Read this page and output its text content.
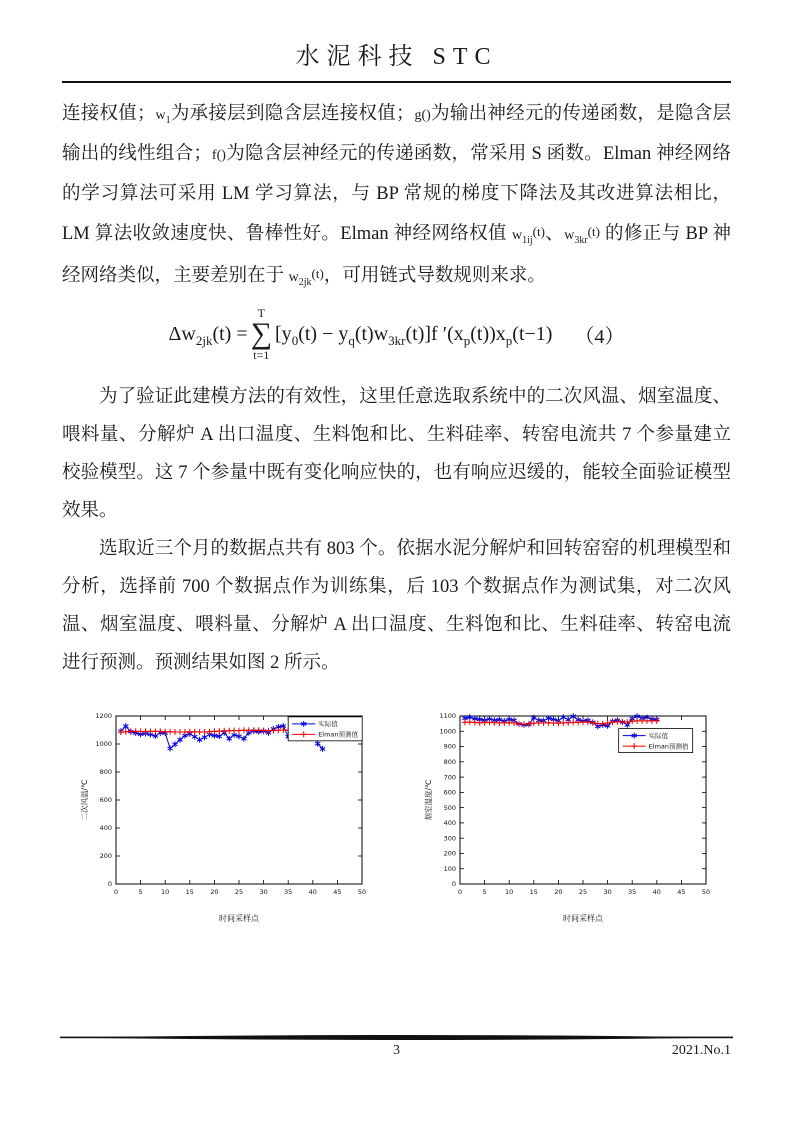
水泥科技 STC

连接权值；$w_1$为承接层到隐含层连接权值；g()为输出神经元的传递函数，是隐含层输出的线性组合；f()为隐含层神经元的传递函数，常采用 S 函数。Elman 神经网络的学习算法可采用 LM 学习算法，与 BP 常规的梯度下降法及其改进算法相比，LM 算法收敛速度快、鲁棒性好。Elman 神经网络权值 $w_{1ij}(t)$、$w_{3kr}(t)$ 的修正与 BP 神经网络类似，主要差别在于 $w_{2jk}(t)$，可用链式导数规则来求。

$\Delta w_{2jk}(t)$ =
T
∑
t=1
$[y_0(t) - y_q(t)w_{3kr}(t)]f$ $'(x_p(t))x_p(t-1)$ （4）

为了验证此建模方法的有效性，这里任意选取系统中的二次风温、烟室温度、喂料量、分解炉 A 出口温度、生料饱和比、生料硅率、转窑电流共 7 个参量建立校验模型。这 7 个参量中既有变化响应快的，也有响应迟缓的，能较全面验证模型效果。

选取近三个月的数据点共有 803 个。依据水泥分解炉和回转窑窑的机理模型和分析，选择前 700 个数据点作为训练集，后 103 个数据点作为测试集，对二次风温、烟室温度、喂料量、分解炉 A 出口温度、生料饱和比、生料硅率、转窑电流进行预测。预测结果如图 2 所示。

0
200
400
600
800
1000
1200
0	5	10	15	20	25	30	35	40	45	50
二次风温/℃
时间采样点
实际值
Elman预测值
0
100
200
300
400
500
600
700
800
900
1000
1100
0	5	10	15	20	25	30	35	40	45	50
烟室温度/℃
时间采样点
实际值
Elman预测值
3	2021.No.1
